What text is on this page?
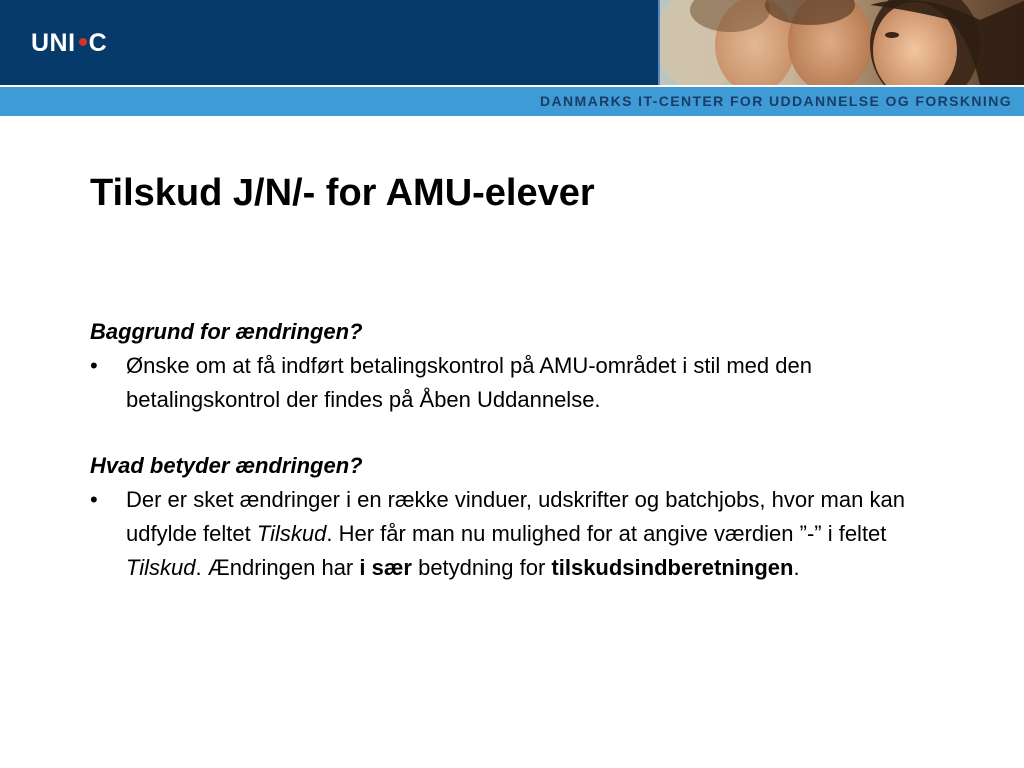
UNI C
DANMARKS IT-CENTER FOR UDDANNELSE OG FORSKNING
Tilskud J/N/- for AMU-elever

Baggrund for ændringen?

• Ønske om at få indført betalingskontrol på AMU-området i stil med den betalingskontrol der findes på Åben Uddannelse.

Hvad betyder ændringen?

• Der er sket ændringer i en række vinduer, udskrifter og batchjobs, hvor man kan udfylde feltet Tilskud. Her får man nu mulighed for at angive værdien ”-” i feltet Tilskud. Ændringen har i sær betydning for tilskudsindberetningen.
